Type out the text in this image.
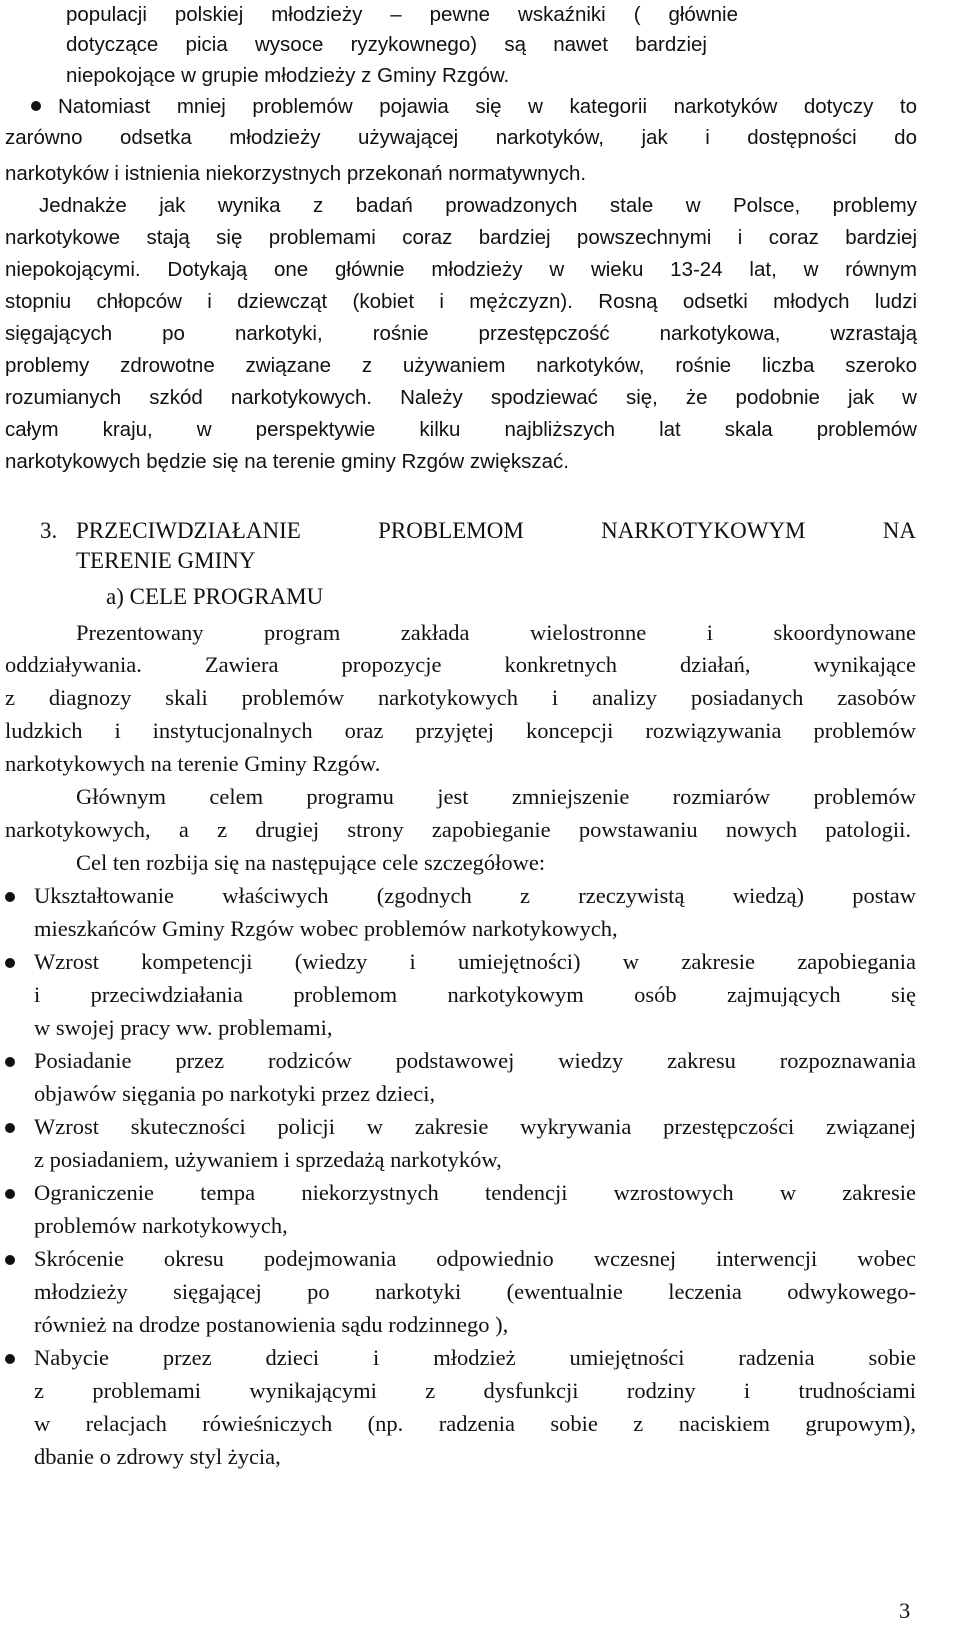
populacji polskiej młodzieży – pewne wskaźniki ( głównie
dotyczące picia wysoce ryzykownego) są nawet bardziej
niepokojące w grupie młodzieży z Gminy Rzgów.
Natomiast mniej problemów pojawia się w kategorii narkotyków dotyczy to
zarówno odsetka młodzieży używającej narkotyków, jak i dostępności do
narkotyków i istnienia niekorzystnych przekonań normatywnych.
Jednakże jak wynika z badań prowadzonych stale w Polsce, problemy
narkotykowe stają się problemami coraz bardziej powszechnymi i coraz bardziej
niepokojącymi. Dotykają one głównie młodzieży w wieku 13-24 lat, w równym
stopniu chłopców i dziewcząt (kobiet i mężczyzn). Rosną odsetki młodych ludzi
sięgających po narkotyki, rośnie przestępczość narkotykowa, wzrastają
problemy zdrowotne związane z używaniem narkotyków, rośnie liczba szeroko
rozumianych szkód narkotykowych. Należy spodziewać się, że podobnie jak w
całym kraju, w perspektywie kilku najbliższych lat skala problemów
narkotykowych będzie się na terenie gminy Rzgów zwiększać.
3. PRZECIWDZIAŁANIE PROBLEMOM NARKOTYKOWYM NA
TERENIE GMINY
a) CELE PROGRAMU
Prezentowany program zakłada wielostronne i skoordynowane
oddziaływania. Zawiera propozycje konkretnych działań, wynikające
z diagnozy skali problemów narkotykowych i analizy posiadanych zasobów
ludzkich i instytucjonalnych oraz przyjętej koncepcji rozwiązywania problemów
narkotykowych na terenie Gminy Rzgów.
Głównym celem programu jest zmniejszenie rozmiarów problemów
narkotykowych, a z drugiej strony zapobieganie powstawaniu nowych patologii.
Cel ten rozbija się na następujące cele szczegółowe:
Ukształtowanie właściwych (zgodnych z rzeczywistą wiedzą) postaw
mieszkańców Gminy Rzgów wobec problemów narkotykowych,
Wzrost kompetencji (wiedzy i umiejętności) w zakresie zapobiegania
i przeciwdziałania problemom narkotykowym osób zajmujących się
w swojej pracy ww. problemami,
Posiadanie przez rodziców podstawowej wiedzy zakresu rozpoznawania
objawów sięgania po narkotyki przez dzieci,
Wzrost skuteczności policji w zakresie wykrywania przestępczości związanej
z posiadaniem, używaniem i sprzedażą narkotyków,
Ograniczenie tempa niekorzystnych tendencji wzrostowych w zakresie
problemów narkotykowych,
Skrócenie okresu podejmowania odpowiednio wczesnej interwencji wobec
młodzieży sięgającej po narkotyki (ewentualnie leczenia odwykowego-
również na drodze postanowienia sądu rodzinnego ),
Nabycie przez dzieci i młodzież umiejętności radzenia sobie
z problemami wynikającymi z dysfunkcji rodziny i trudnościami
w relacjach rówieśniczych (np. radzenia sobie z naciskiem grupowym),
dbanie o zdrowy styl życia,
3
